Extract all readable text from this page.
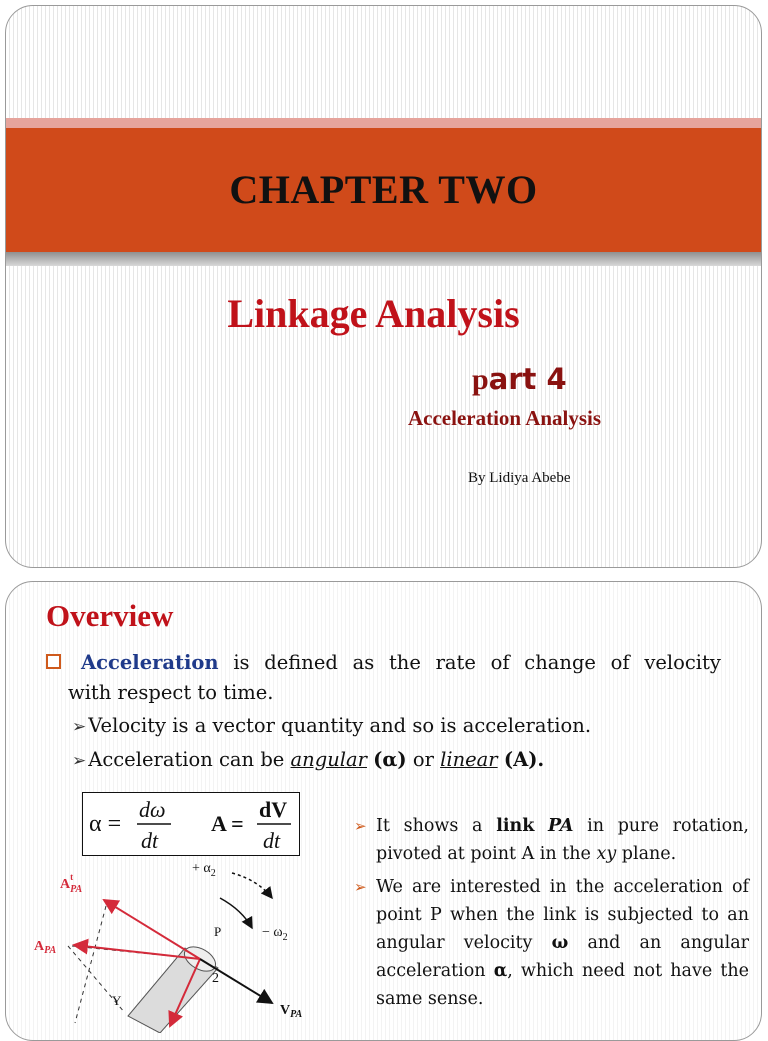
CHAPTER TWO
Linkage Analysis
part 4
Acceleration Analysis
By Lidiya Abebe
Overview
Acceleration is defined as the rate of change of velocity
with respect to time.
➢ Velocity is a vector quantity and so is acceleration.
➢ Acceleration can be angular (α) or linear (A).
α =
dω
dt
A =
dV
dt
➢ It shows a link PA in pure rotation, pivoted at point A in the xy plane.
➢ We are interested in the acceleration of point P when the link is subjected to an angular velocity ω and an angular acceleration α, which need not have the same sense.
$A^t$ PA
$A_{PA}$
+ $\alpha_2$
− $\omega_2$
P
2
Y
$V_{PA}$
